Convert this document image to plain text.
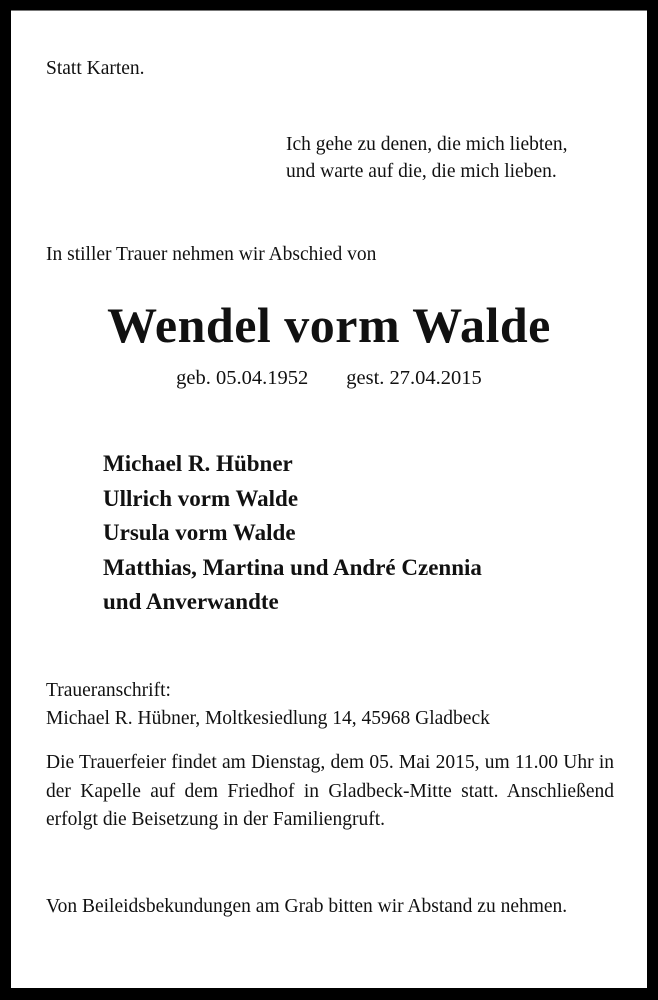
Statt Karten.
Ich gehe zu denen, die mich liebten,
und warte auf die, die mich lieben.
In stiller Trauer nehmen wir Abschied von
Wendel vorm Walde
geb. 05.04.1952 gest. 27.04.2015
Michael R. Hübner
Ullrich vorm Walde
Ursula vorm Walde
Matthias, Martina und André Czennia
und Anverwandte
Traueranschrift:
Michael R. Hübner, Moltkesiedlung 14, 45968 Gladbeck
Die Trauerfeier findet am Dienstag, dem 05. Mai 2015, um 11.00 Uhr in der Kapelle auf dem Friedhof in Gladbeck-Mitte statt. Anschließend erfolgt die Beisetzung in der Familiengruft.
Von Beileidsbekundungen am Grab bitten wir Abstand zu nehmen.
